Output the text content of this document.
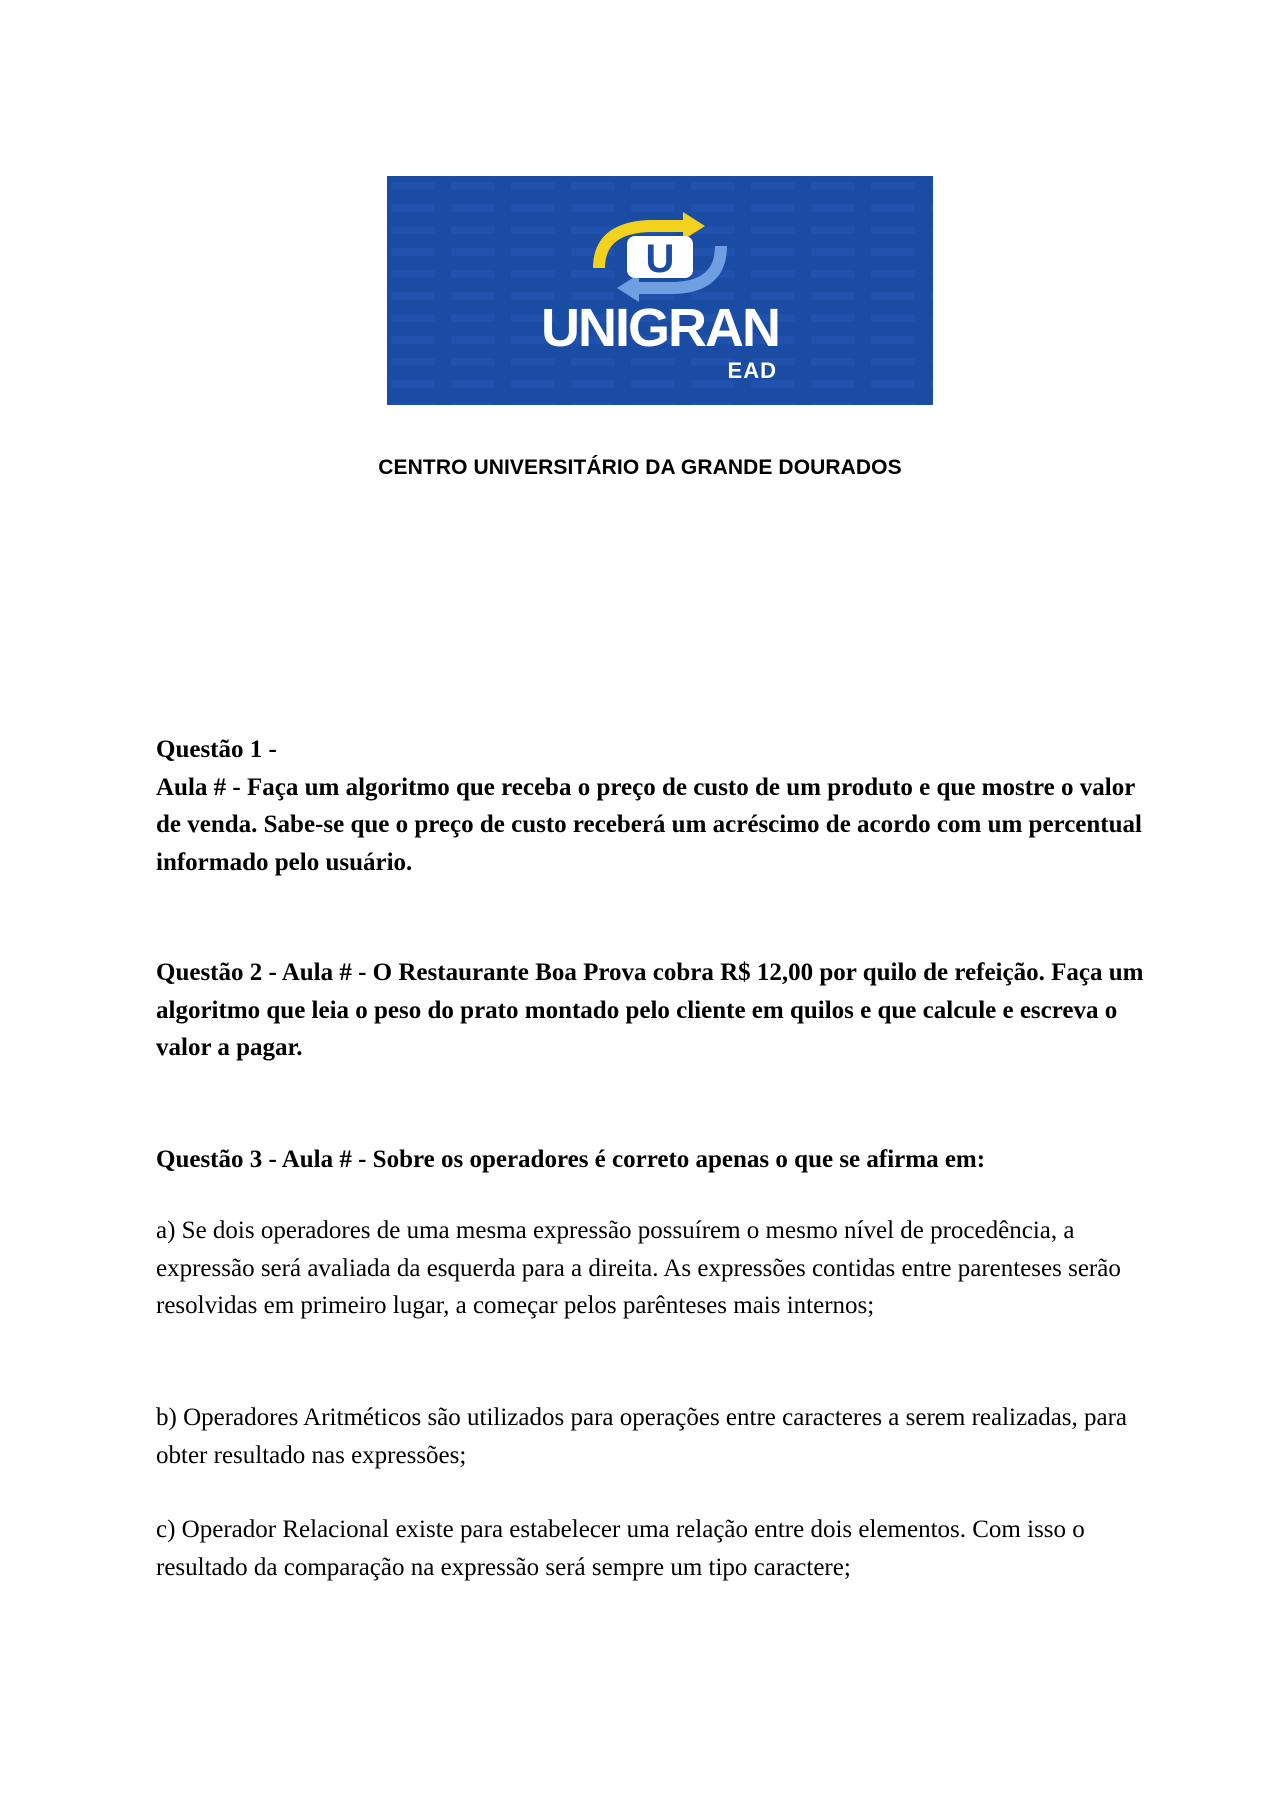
U
UNIGRAN
EAD
CENTRO UNIVERSITÁRIO DA GRANDE DOURADOS

Questão 1 -

Aula # - Faça um algoritmo que receba o preço de custo de um produto e que mostre o valor de venda. Sabe-se que o preço de custo receberá um acréscimo de acordo com um percentual informado pelo usuário.

Questão 2 - Aula # - O Restaurante Boa Prova cobra R$ 12,00 por quilo de refeição. Faça um algoritmo que leia o peso do prato montado pelo cliente em quilos e que calcule e escreva o valor a pagar.

Questão 3 - Aula # - Sobre os operadores é correto apenas o que se afirma em:

a) Se dois operadores de uma mesma expressão possuírem o mesmo nível de procedência, a expressão será avaliada da esquerda para a direita. As expressões contidas entre parenteses serão resolvidas em primeiro lugar, a começar pelos parênteses mais internos;

b) Operadores Aritméticos são utilizados para operações entre caracteres a serem realizadas, para obter resultado nas expressões;

c) Operador Relacional existe para estabelecer uma relação entre dois elementos. Com isso o resultado da comparação na expressão será sempre um tipo caractere;
